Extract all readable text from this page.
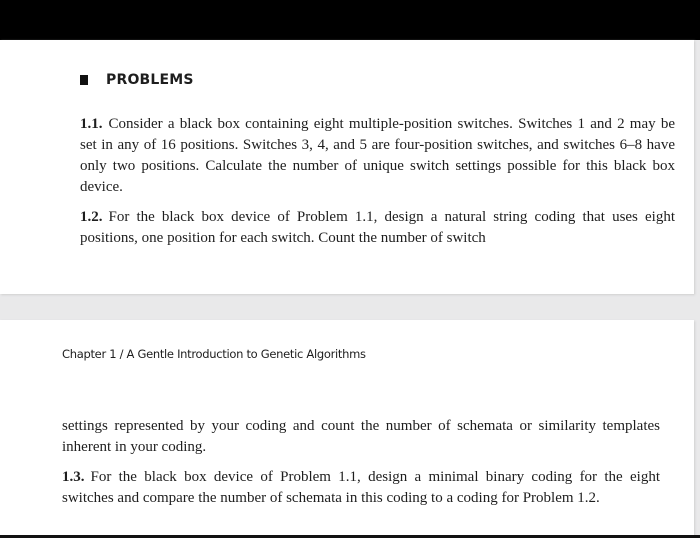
PROBLEMS
1.1. Consider a black box containing eight multiple-position switches. Switches 1 and 2 may be set in any of 16 positions. Switches 3, 4, and 5 are four-position switches, and switches 6–8 have only two positions. Calculate the number of unique switch settings possible for this black box device.
1.2. For the black box device of Problem 1.1, design a natural string coding that uses eight positions, one position for each switch. Count the number of switch
Chapter 1 / A Gentle Introduction to Genetic Algorithms
settings represented by your coding and count the number of schemata or similarity templates inherent in your coding.
1.3. For the black box device of Problem 1.1, design a minimal binary coding for the eight switches and compare the number of schemata in this coding to a coding for Problem 1.2.
